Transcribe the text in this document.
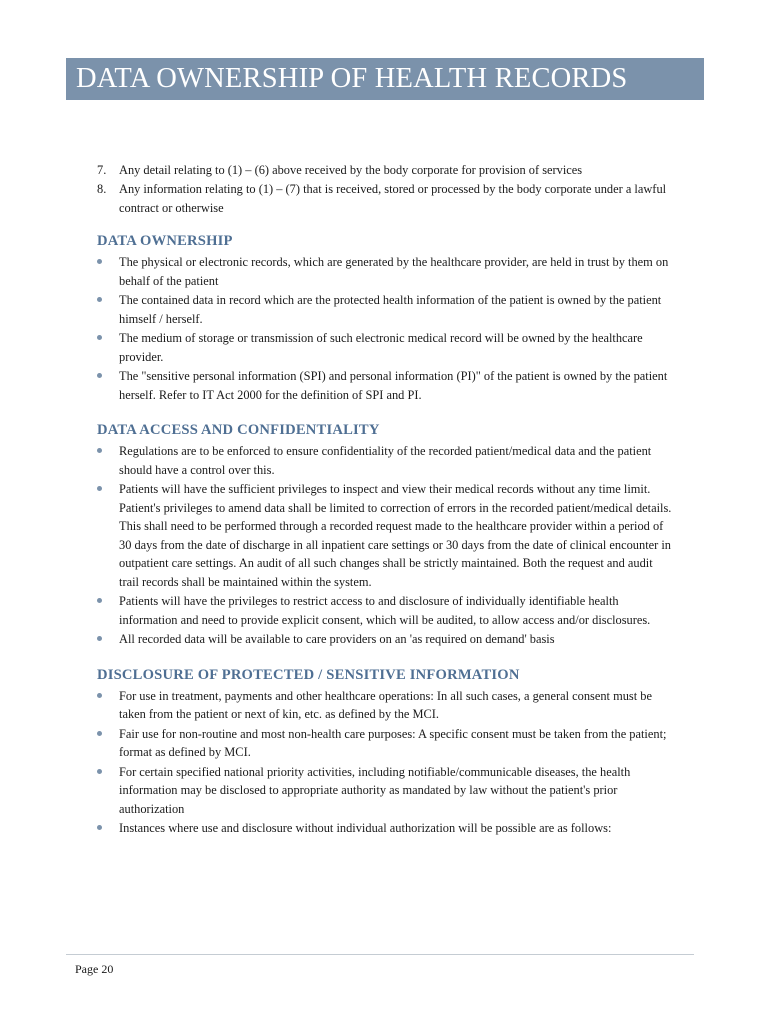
DATA OWNERSHIP OF HEALTH RECORDS
7. Any detail relating to (1) – (6) above received by the body corporate for provision of services
8. Any information relating to (1) – (7) that is received, stored or processed by the body corporate under a lawful contract or otherwise
DATA OWNERSHIP
The physical or electronic records, which are generated by the healthcare provider, are held in trust by them on behalf of the patient
The contained data in record which are the protected health information of the patient is owned by the patient himself / herself.
The medium of storage or transmission of such electronic medical record will be owned by the healthcare provider.
The "sensitive personal information (SPI) and personal information (PI)" of the patient is owned by the patient herself. Refer to IT Act 2000 for the definition of SPI and PI.
DATA ACCESS AND CONFIDENTIALITY
Regulations are to be enforced to ensure confidentiality of the recorded patient/medical data and the patient should have a control over this.
Patients will have the sufficient privileges to inspect and view their medical records without any time limit. Patient's privileges to amend data shall be limited to correction of errors in the recorded patient/medical details. This shall need to be performed through a recorded request made to the healthcare provider within a period of 30 days from the date of discharge in all inpatient care settings or 30 days from the date of clinical encounter in outpatient care settings. An audit of all such changes shall be strictly maintained. Both the request and audit trail records shall be maintained within the system.
Patients will have the privileges to restrict access to and disclosure of individually identifiable health information and need to provide explicit consent, which will be audited, to allow access and/or disclosures.
All recorded data will be available to care providers on an 'as required on demand' basis
DISCLOSURE OF PROTECTED / SENSITIVE INFORMATION
For use in treatment, payments and other healthcare operations: In all such cases, a general consent must be taken from the patient or next of kin, etc. as defined by the MCI.
Fair use for non-routine and most non-health care purposes: A specific consent must be taken from the patient; format as defined by MCI.
For certain specified national priority activities, including notifiable/communicable diseases, the health information may be disclosed to appropriate authority as mandated by law without the patient's prior authorization
Instances where use and disclosure without individual authorization will be possible are as follows:
Page 20
